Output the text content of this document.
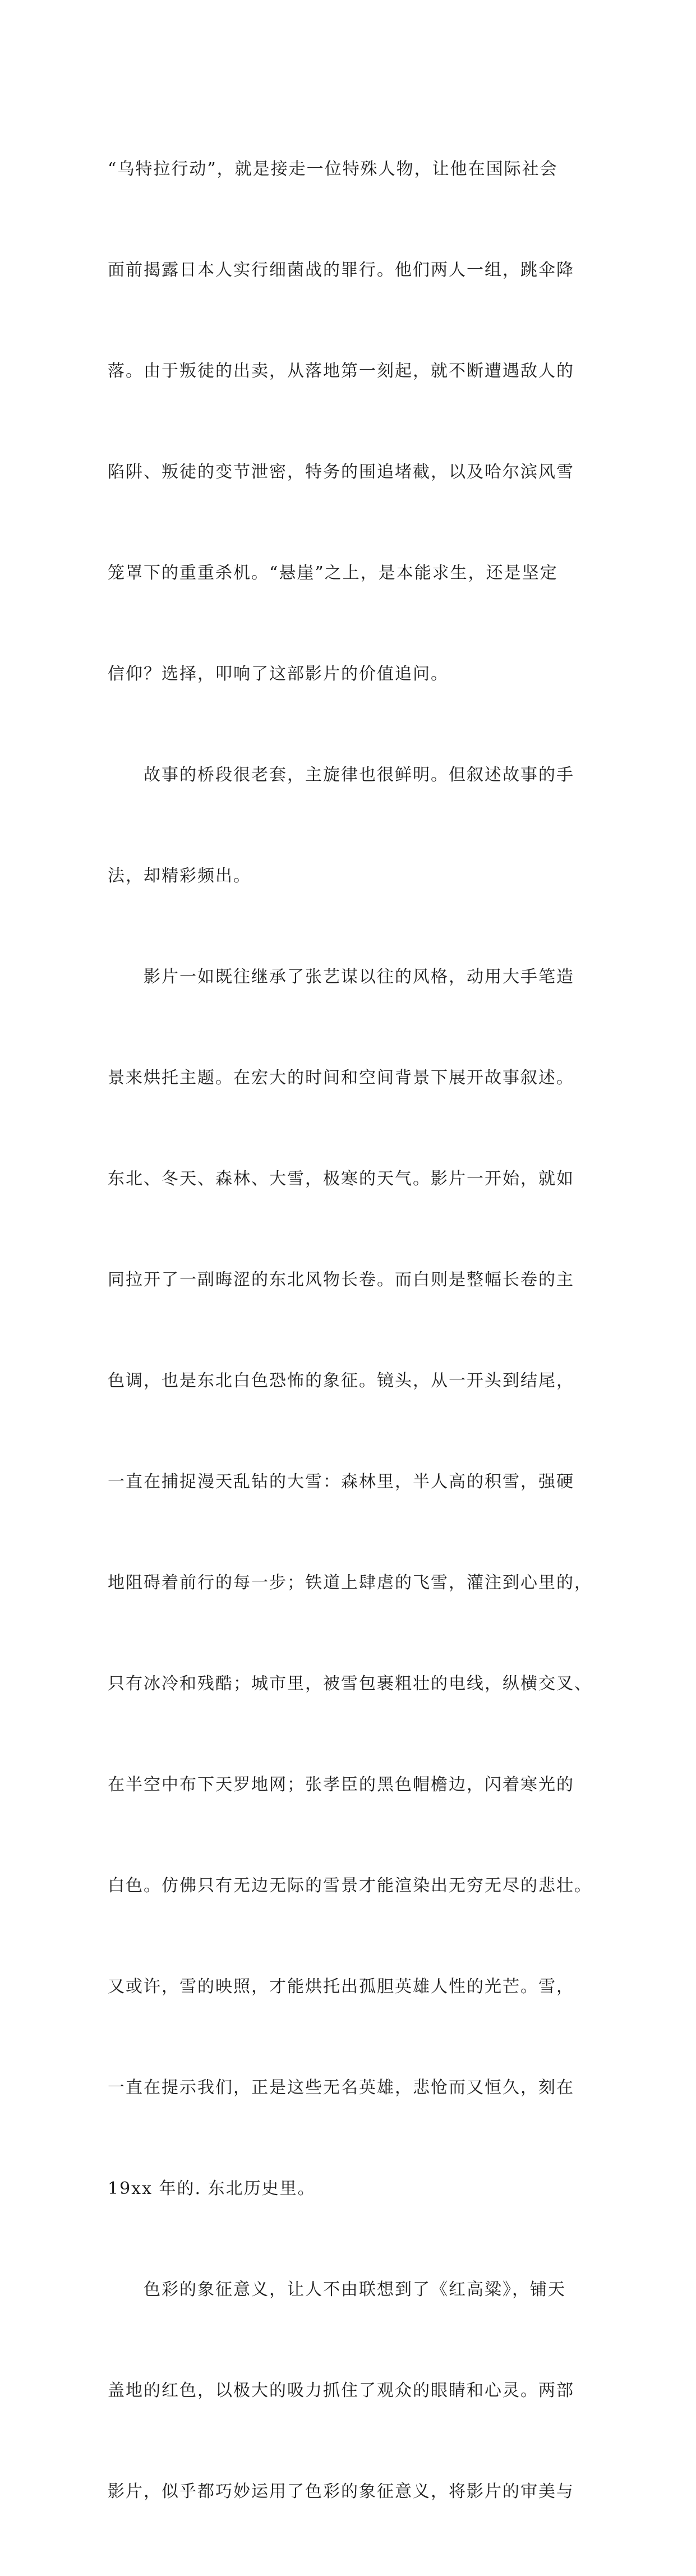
“乌特拉行动”，就是接走一位特殊人物，让他在国际社会

面前揭露日本人实行细菌战的罪行。他们两人一组，跳伞降

落。由于叛徒的出卖，从落地第一刻起，就不断遭遇敌人的

陷阱、叛徒的变节泄密，特务的围追堵截，以及哈尔滨风雪

笼罩下的重重杀机。“悬崖”之上，是本能求生，还是坚定

信仰？选择，叩响了这部影片的价值追问。

　　故事的桥段很老套，主旋律也很鲜明。但叙述故事的手

法，却精彩频出。

　　影片一如既往继承了张艺谋以往的风格，动用大手笔造

景来烘托主题。在宏大的时间和空间背景下展开故事叙述。

东北、冬天、森林、大雪，极寒的天气。影片一开始，就如

同拉开了一副晦涩的东北风物长卷。而白则是整幅长卷的主

色调，也是东北白色恐怖的象征。镜头，从一开头到结尾，

一直在捕捉漫天乱钻的大雪：森林里，半人高的积雪，强硬

地阻碍着前行的每一步；铁道上肆虐的飞雪，灌注到心里的，

只有冰冷和残酷；城市里，被雪包裹粗壮的电线，纵横交叉、

在半空中布下天罗地网；张孝臣的黑色帽檐边，闪着寒光的

白色。仿佛只有无边无际的雪景才能渲染出无穷无尽的悲壮。

又或许，雪的映照，才能烘托出孤胆英雄人性的光芒。雪，

一直在提示我们，正是这些无名英雄，悲怆而又恒久，刻在

19xx 年的. 东北历史里。

　　色彩的象征意义，让人不由联想到了《红高粱》，铺天

盖地的红色，以极大的吸力抓住了观众的眼睛和心灵。两部

影片，似乎都巧妙运用了色彩的象征意义，将影片的审美与
